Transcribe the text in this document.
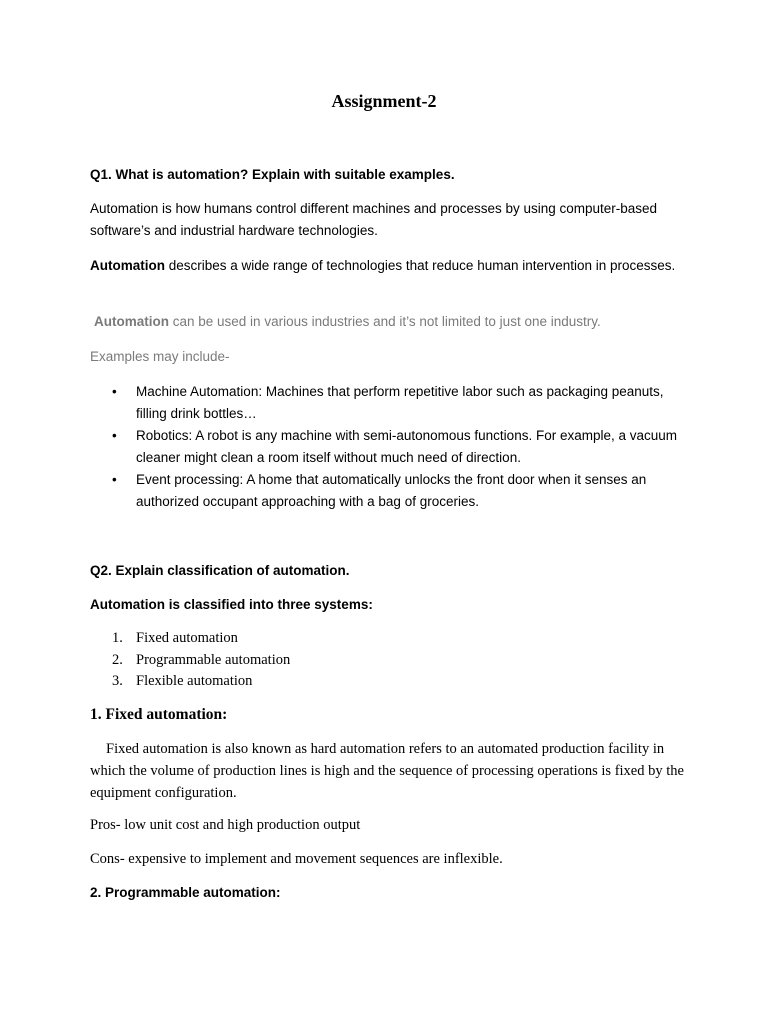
Assignment-2

Q1. What is automation? Explain with suitable examples.

Automation is how humans control different machines and processes by using computer-based software’s and industrial hardware technologies.

Automation describes a wide range of technologies that reduce human intervention in processes.

Automation can be used in various industries and it’s not limited to just one industry.

Examples may include-

• Machine Automation: Machines that perform repetitive labor such as packaging peanuts, filling drink bottles…
• Robotics: A robot is any machine with semi-autonomous functions. For example, a vacuum cleaner might clean a room itself without much need of direction.
• Event processing: A home that automatically unlocks the front door when it senses an authorized occupant approaching with a bag of groceries.

Q2. Explain classification of automation.

Automation is classified into three systems:

1. Fixed automation
2. Programmable automation
3. Flexible automation

1. Fixed automation:

Fixed automation is also known as hard automation refers to an automated production facility in which the volume of production lines is high and the sequence of processing operations is fixed by the equipment configuration.

Pros- low unit cost and high production output

Cons- expensive to implement and movement sequences are inflexible.

2. Programmable automation:
